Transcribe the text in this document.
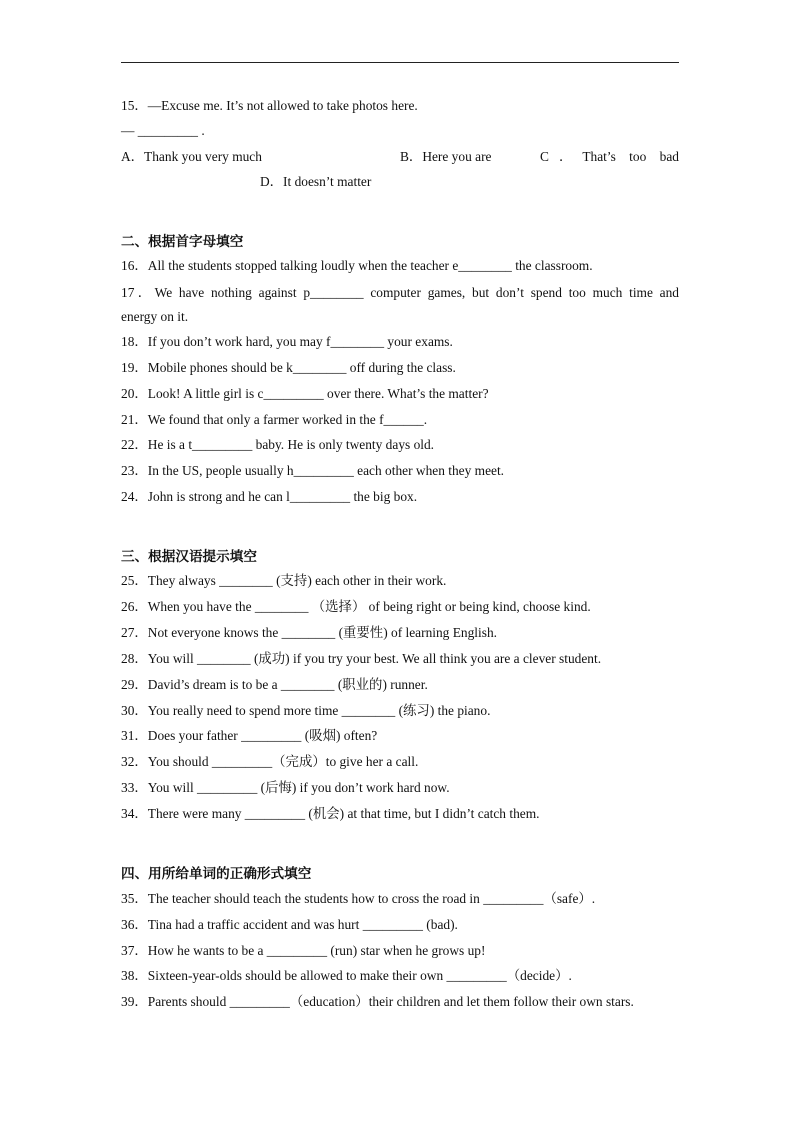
15．—Excuse me. It’s not allowed to take photos here.
— _________ .
A．Thank you very much	B．Here you are	C．That’s too bad
D．It doesn’t matter
二、根据首字母填空
16．All the students stopped talking loudly when the teacher e________ the classroom.
17．We have nothing against p________ computer games, but don’t spend too much time and
energy on it.
18．If you don’t work hard, you may f________ your exams.
19．Mobile phones should be k________ off during the class.
20．Look! A little girl is c_________ over there. What’s the matter?
21．We found that only a farmer worked in the f______.
22．He is a t_________ baby. He is only twenty days old.
23．In the US, people usually h_________ each other when they meet.
24．John is strong and he can l_________ the big box.
三、根据汉语提示填空
25．They always ________ (支持) each other in their work.
26．When you have the ________ （选择） of being right or being kind, choose kind.
27．Not everyone knows the ________ (重要性) of learning English.
28．You will ________ (成功) if you try your best. We all think you are a clever student.
29．David’s dream is to be a ________ (职业的) runner.
30．You really need to spend more time ________ (练习) the piano.
31．Does your father _________ (吸烟) often?
32．You should _________（完成）to give her a call.
33．You will _________ (后悔) if you don’t work hard now.
34．There were many _________ (机会) at that time, but I didn’t catch them.
四、用所给单词的正确形式填空
35．The teacher should teach the students how to cross the road in _________（safe）.
36．Tina had a traffic accident and was hurt _________ (bad).
37．How he wants to be a _________ (run) star when he grows up!
38．Sixteen-year-olds should be allowed to make their own _________（decide）.
39．Parents should _________（education）their children and let them follow their own stars.
